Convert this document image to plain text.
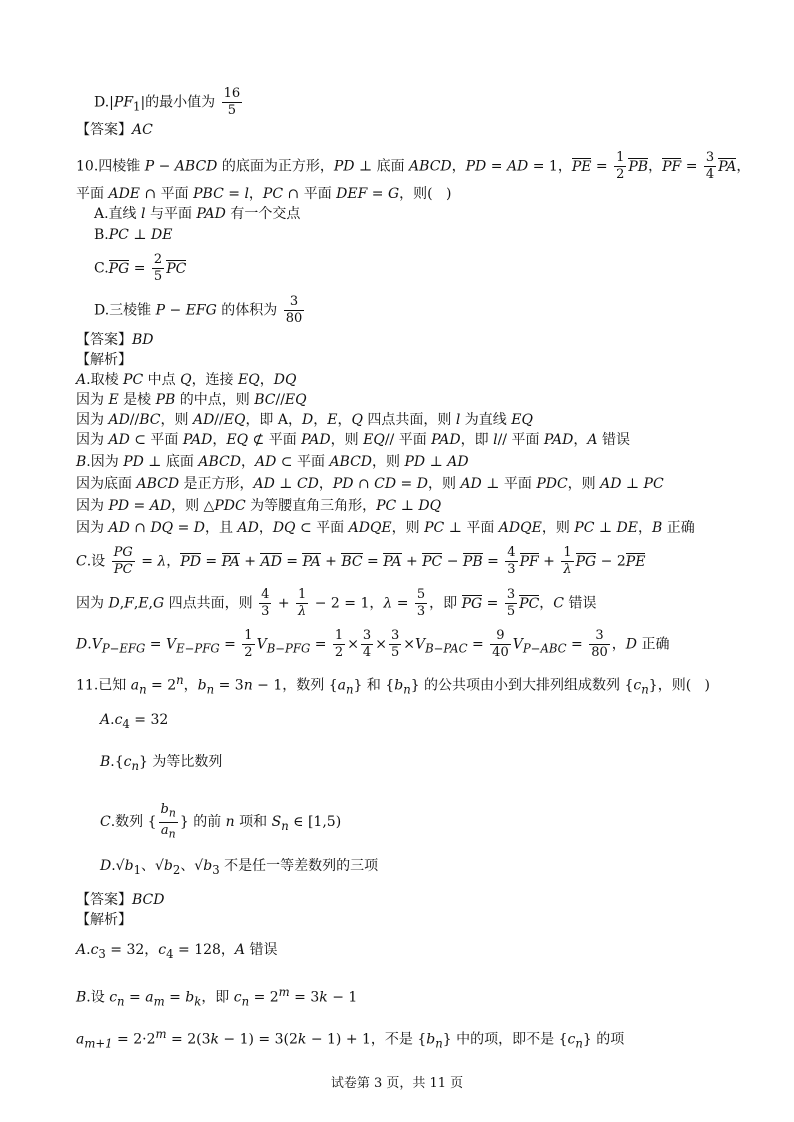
$D.|PF_1|$的最小值为 $\frac{16}{5}$
【答案】AC
10.四棱锥 P − ABCD 的底面为正方形，PD ⊥ 底面 ABCD，PD = AD = 1，PE = $\frac{1}{2}$ PB，PF = $\frac{3}{4}$ PA，
平面 ADE ∩ 平面 PBC = l，PC ∩ 平面 DEF = G，则(   )
A.直线 l 与平面 PAD 有一个交点
B.PC ⊥ DE
$C.PG = \frac{2}{5}$ PC
D.三棱锥 P − EFG 的体积为 $\frac{3}{80}$
【答案】BD
【解析】
A.取棱 PC 中点 Q，连接 EQ，DQ
因为 E 是棱 PB 的中点，则 BC//EQ
因为 AD//BC，则 AD//EQ，即 A，D，E，Q 四点共面，则 l 为直线 EQ
因为 AD ⊂ 平面 PAD，EQ ⊄ 平面 PAD，则 EQ// 平面 PAD，即 l// 平面 PAD，A 错误
B.因为 PD ⊥ 底面 ABCD，AD ⊂ 平面 ABCD，则 PD ⊥ AD
因为底面 ABCD 是正方形，AD ⊥ CD，PD ∩ CD = D，则 AD ⊥ 平面 PDC，则 AD ⊥ PC
因为 PD = AD，则 △PDC 为等腰直角三角形，PC ⊥ DQ
因为 AD ∩ DQ = D，且 AD，DQ ⊂ 平面 ADQE，则 PC ⊥ 平面 ADQE，则 PC ⊥ DE，B 正确
C.设 $\frac{PG}{PC} = \lambda$，PD = PA + AD = PA + BC = PA + PC − PB = $\frac{4}{3}$ PF + $\frac{1}{\lambda}$ PG − 2PE
因为 D,F,E,G 四点共面，则 $\frac{4}{3} + \frac{1}{\lambda} - 2 = 1$，$\lambda = \frac{5}{3}$ ，即 PG = $\frac{3}{5}$ PC，C 错误
$D.V_{P-EFG} = V_{E-PFG} = \frac{1}{2} V_{B-PFG} = \frac{1}{2} \times \frac{3}{4} \times \frac{3}{5} \times V_{B-PAC} = \frac{9}{40} V_{P-ABC} = \frac{3}{80}$ ，D 正确
11.已知 $a_n = 2^n$，$b_n = 3n - 1$，数列 $\{a_n\}$ 和 $\{b_n\}$ 的公共项由小到大排列组成数列 $\{c_n\}$，则(   )
$A.c_4 = 32$
$B.\{c_n\}$ 为等比数列
C.数列 { $\frac{b_n}{a_n}$ } 的前 n 项和 $S_n$ ∈ [1,5)
$D.√b_1$、$√b_2$、$√b_3$ 不是任一等差数列的三项
【答案】BCD
【解析】
$A.c_3 = 32$，$c_4 = 128$，A 错误
B.设 $c_n = a_m = b_k$，即 $c_n = 2^m = 3k - 1$
$a_{m+1} = 2\cdot 2^m = 2(3k - 1) = 3(2k - 1) + 1$，不是 $\{b_n\}$ 中的项，即不是 $\{c_n\}$ 的项
试卷第 3 页，共 11 页
